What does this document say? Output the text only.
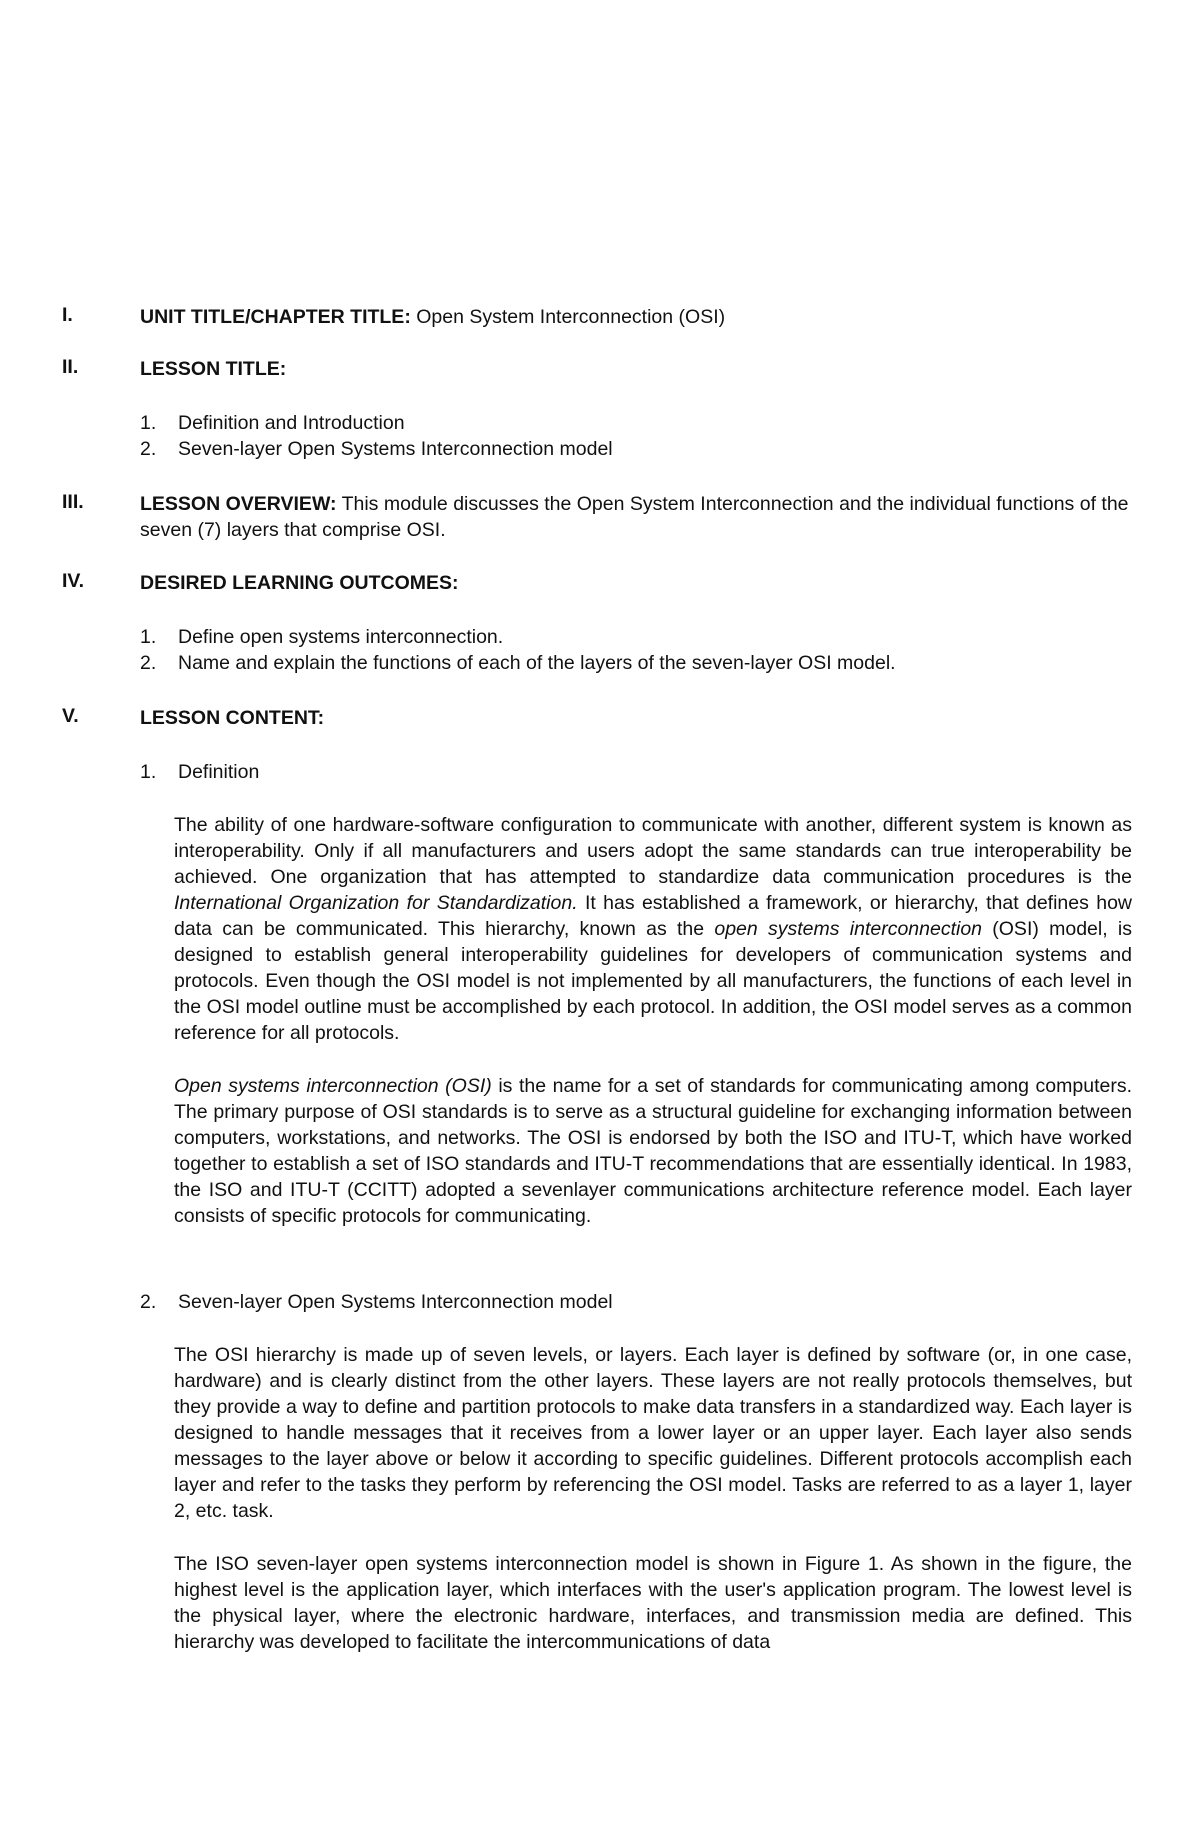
I.	UNIT TITLE/CHAPTER TITLE: Open System Interconnection (OSI)
II.	LESSON TITLE:
1. Definition and Introduction
2. Seven-layer Open Systems Interconnection model
III.	LESSON OVERVIEW: This module discusses the Open System Interconnection and the individual functions of the seven (7) layers that comprise OSI.
IV.	DESIRED LEARNING OUTCOMES:
1. Define open systems interconnection.
2. Name and explain the functions of each of the layers of the seven-layer OSI model.
V.	LESSON CONTENT:
1. Definition
The ability of one hardware-software configuration to communicate with another, different system is known as interoperability. Only if all manufacturers and users adopt the same standards can true interoperability be achieved. One organization that has attempted to standardize data communication procedures is the International Organization for Standardization. It has established a framework, or hierarchy, that defines how data can be communicated. This hierarchy, known as the open systems interconnection (OSI) model, is designed to establish general interoperability guidelines for developers of communication systems and protocols. Even though the OSI model is not implemented by all manufacturers, the functions of each level in the OSI model outline must be accomplished by each protocol. In addition, the OSI model serves as a common reference for all protocols.
Open systems interconnection (OSI) is the name for a set of standards for communicating among computers. The primary purpose of OSI standards is to serve as a structural guideline for exchanging information between computers, workstations, and networks. The OSI is endorsed by both the ISO and ITU-T, which have worked together to establish a set of ISO standards and ITU-T recommendations that are essentially identical. In 1983, the ISO and ITU-T (CCITT) adopted a sevenlayer communications architecture reference model. Each layer consists of specific protocols for communicating.
2. Seven-layer Open Systems Interconnection model
The OSI hierarchy is made up of seven levels, or layers. Each layer is defined by software (or, in one case, hardware) and is clearly distinct from the other layers. These layers are not really protocols themselves, but they provide a way to define and partition protocols to make data transfers in a standardized way. Each layer is designed to handle messages that it receives from a lower layer or an upper layer. Each layer also sends messages to the layer above or below it according to specific guidelines. Different protocols accomplish each layer and refer to the tasks they perform by referencing the OSI model. Tasks are referred to as a layer 1, layer 2, etc. task.
The ISO seven-layer open systems interconnection model is shown in Figure 1. As shown in the figure, the highest level is the application layer, which interfaces with the user's application program. The lowest level is the physical layer, where the electronic hardware, interfaces, and transmission media are defined. This hierarchy was developed to facilitate the intercommunications of data
